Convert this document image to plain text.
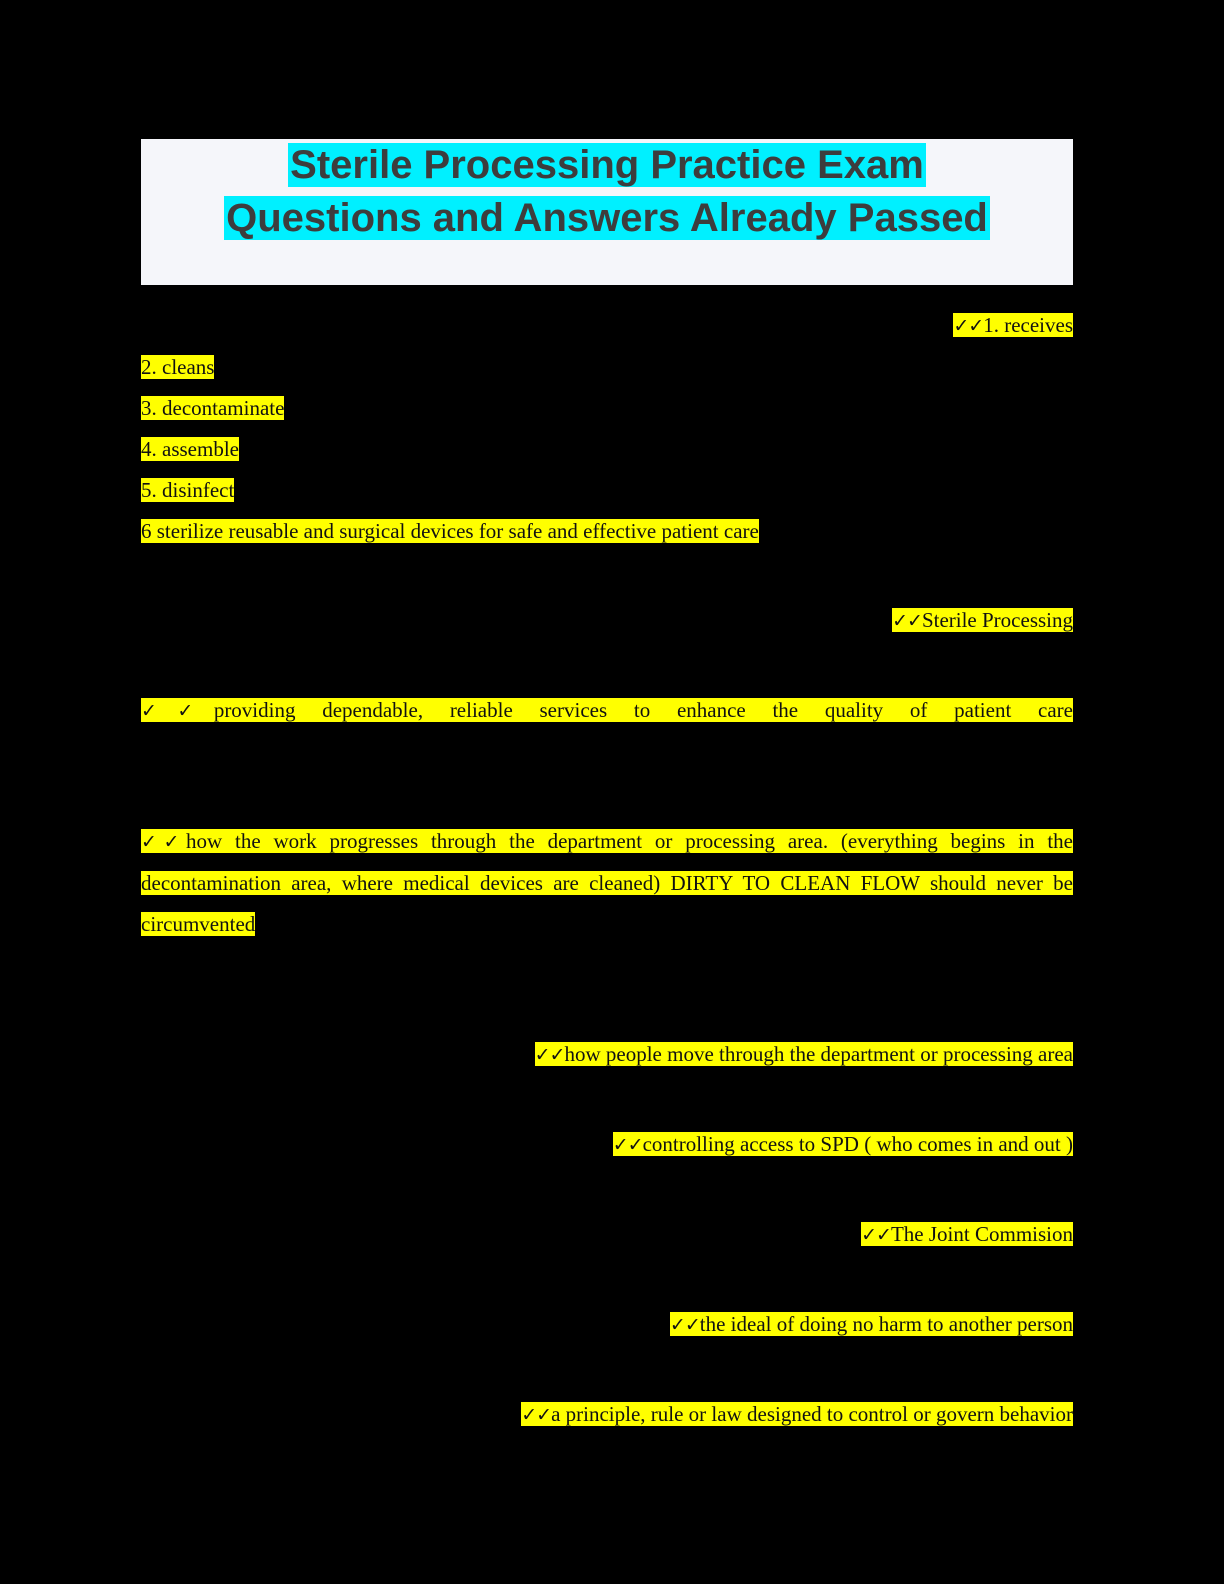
Sterile Processing Practice Exam
Questions and Answers Already Passed

✓✓1. receives

2. cleans

3. decontaminate

4. assemble

5. disinfect

6 sterilize reusable and surgical devices for safe and effective patient care

✓✓Sterile Processing

✓✓providing dependable, reliable services to enhance the quality of patient care

✓✓how the work progresses through the department or processing area. (everything begins in the decontamination area, where medical devices are cleaned) DIRTY TO CLEAN FLOW should never be circumvented

✓✓how people move through the department or processing area

✓✓controlling access to SPD ( who comes in and out )

✓✓The Joint Commision

✓✓the ideal of doing no harm to another person

✓✓a principle, rule or law designed to control or govern behavior
